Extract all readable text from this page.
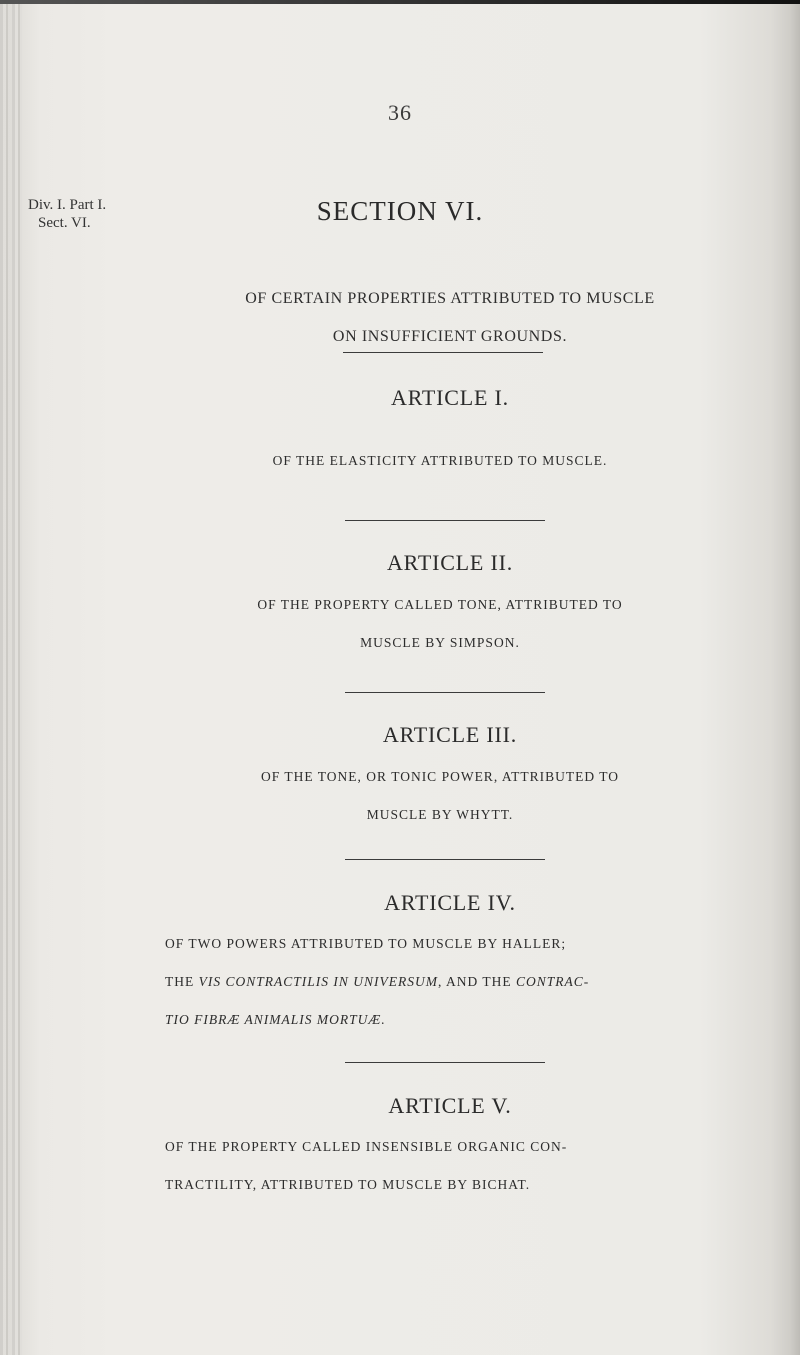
36
Div. I. Part I.
Sect. VI.	SECTION VI.
OF CERTAIN PROPERTIES ATTRIBUTED TO MUSCLE
ON INSUFFICIENT GROUNDS.
ARTICLE I.
OF THE ELASTICITY ATTRIBUTED TO MUSCLE.
ARTICLE II.
OF THE PROPERTY CALLED TONE, ATTRIBUTED TO
MUSCLE BY SIMPSON.
ARTICLE III.
OF THE TONE, OR TONIC POWER, ATTRIBUTED TO
MUSCLE BY WHYTT.
ARTICLE IV.
OF TWO POWERS ATTRIBUTED TO MUSCLE BY HALLER;
THE VIS CONTRACTILIS IN UNIVERSUM, AND THE CONTRAC-
TIO FIBRÆ ANIMALIS MORTUÆ.
ARTICLE V.
OF THE PROPERTY CALLED INSENSIBLE ORGANIC CON-
TRACTILITY, ATTRIBUTED TO MUSCLE BY BICHAT.
